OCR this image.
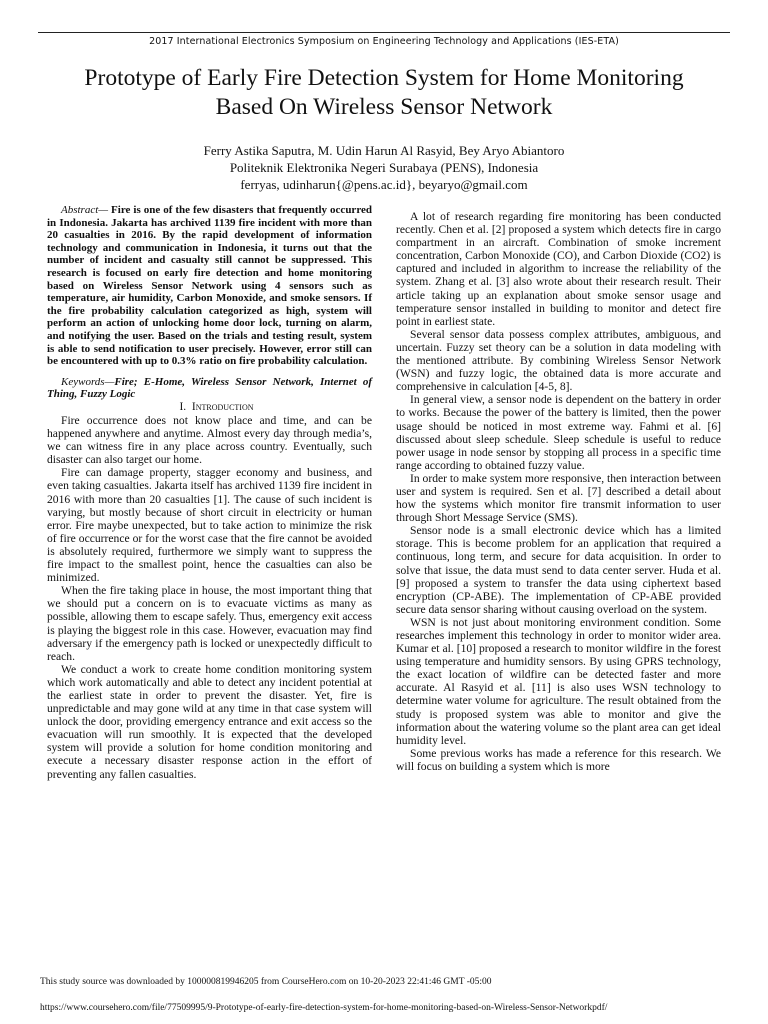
2017 International Electronics Symposium on Engineering Technology and Applications (IES-ETA)
Prototype of Early Fire Detection System for Home Monitoring
Based On Wireless Sensor Network
Ferry Astika Saputra, M. Udin Harun Al Rasyid, Bey Aryo Abiantoro
Politeknik Elektronika Negeri Surabaya (PENS), Indonesia
ferryas, udinharun{@pens.ac.id}, beyaryo@gmail.com

Abstract— Fire is one of the few disasters that frequently occurred in Indonesia. Jakarta has archived 1139 fire incident with more than 20 casualties in 2016. By the rapid development of information technology and communication in Indonesia, it turns out that the number of incident and casualty still cannot be suppressed. This research is focused on early fire detection and home monitoring based on Wireless Sensor Network using 4 sensors such as temperature, air humidity, Carbon Monoxide, and smoke sensors. If the fire probability calculation categorized as high, system will perform an action of unlocking home door lock, turning on alarm, and notifying the user. Based on the trials and testing result, system is able to send notification to user precisely. However, error still can be encountered with up to 0.3% ratio on fire probability calculation.

Keywords—Fire; E-Home, Wireless Sensor Network, Internet of Thing, Fuzzy Logic

I. Introduction

Fire occurrence does not know place and time, and can be happened anywhere and anytime. Almost every day through media’s, we can witness fire in any place across country. Eventually, such disaster can also target our home.

Fire can damage property, stagger economy and business, and even taking casualties. Jakarta itself has archived 1139 fire incident in 2016 with more than 20 casualties [1]. The cause of such incident is varying, but mostly because of short circuit in electricity or human error. Fire maybe unexpected, but to take action to minimize the risk of fire occurrence or for the worst case that the fire cannot be avoided is absolutely required, furthermore we simply want to suppress the fire impact to the smallest point, hence the casualties can also be minimized.

When the fire taking place in house, the most important thing that we should put a concern on is to evacuate victims as many as possible, allowing them to escape safely. Thus, emergency exit access is playing the biggest role in this case. However, evacuation may find adversary if the emergency path is locked or unexpectedly difficult to reach.

We conduct a work to create home condition monitoring system which work automatically and able to detect any incident potential at the earliest state in order to prevent the disaster. Yet, fire is unpredictable and may gone wild at any time in that case system will unlock the door, providing emergency entrance and exit access so the evacuation will run smoothly. It is expected that the developed system will provide a solution for home condition monitoring and execute a necessary disaster response action in the effort of preventing any fallen casualties.

A lot of research regarding fire monitoring has been conducted recently. Chen et al. [2] proposed a system which detects fire in cargo compartment in an aircraft. Combination of smoke increment concentration, Carbon Monoxide (CO), and Carbon Dioxide (CO2) is captured and included in algorithm to increase the reliability of the system. Zhang et al. [3] also wrote about their research result. Their article taking up an explanation about smoke sensor usage and temperature sensor installed in building to monitor and detect fire point in earliest state.

Several sensor data possess complex attributes, ambiguous, and uncertain. Fuzzy set theory can be a solution in data modeling with the mentioned attribute. By combining Wireless Sensor Network (WSN) and fuzzy logic, the obtained data is more accurate and comprehensive in calculation [4-5, 8].

In general view, a sensor node is dependent on the battery in order to works. Because the power of the battery is limited, then the power usage should be noticed in most extreme way. Fahmi et al. [6] discussed about sleep schedule. Sleep schedule is useful to reduce power usage in node sensor by stopping all process in a specific time range according to obtained fuzzy value.

In order to make system more responsive, then interaction between user and system is required. Sen et al. [7] described a detail about how the systems which monitor fire transmit information to user through Short Message Service (SMS).

Sensor node is a small electronic device which has a limited storage. This is become problem for an application that required a continuous, long term, and secure for data acquisition. In order to solve that issue, the data must send to data center server. Huda et al. [9] proposed a system to transfer the data using ciphertext based encryption (CP-ABE). The implementation of CP-ABE provided secure data sensor sharing without causing overload on the system.

WSN is not just about monitoring environment condition. Some researches implement this technology in order to monitor wider area. Kumar et al. [10] proposed a research to monitor wildfire in the forest using temperature and humidity sensors. By using GPRS technology, the exact location of wildfire can be detected faster and more accurate. Al Rasyid et al. [11] is also uses WSN technology to determine water volume for agriculture. The result obtained from the study is proposed system was able to monitor and give the information about the watering volume so the plant area can get ideal humidity level.

Some previous works has made a reference for this research. We will focus on building a system which is more

This study source was downloaded by 100000819946205 from CourseHero.com on 10-20-2023 22:41:46 GMT -05:00
https://www.coursehero.com/file/77509995/9-Prototype-of-early-fire-detection-system-for-home-monitoring-based-on-Wireless-Sensor-Networkpdf/
